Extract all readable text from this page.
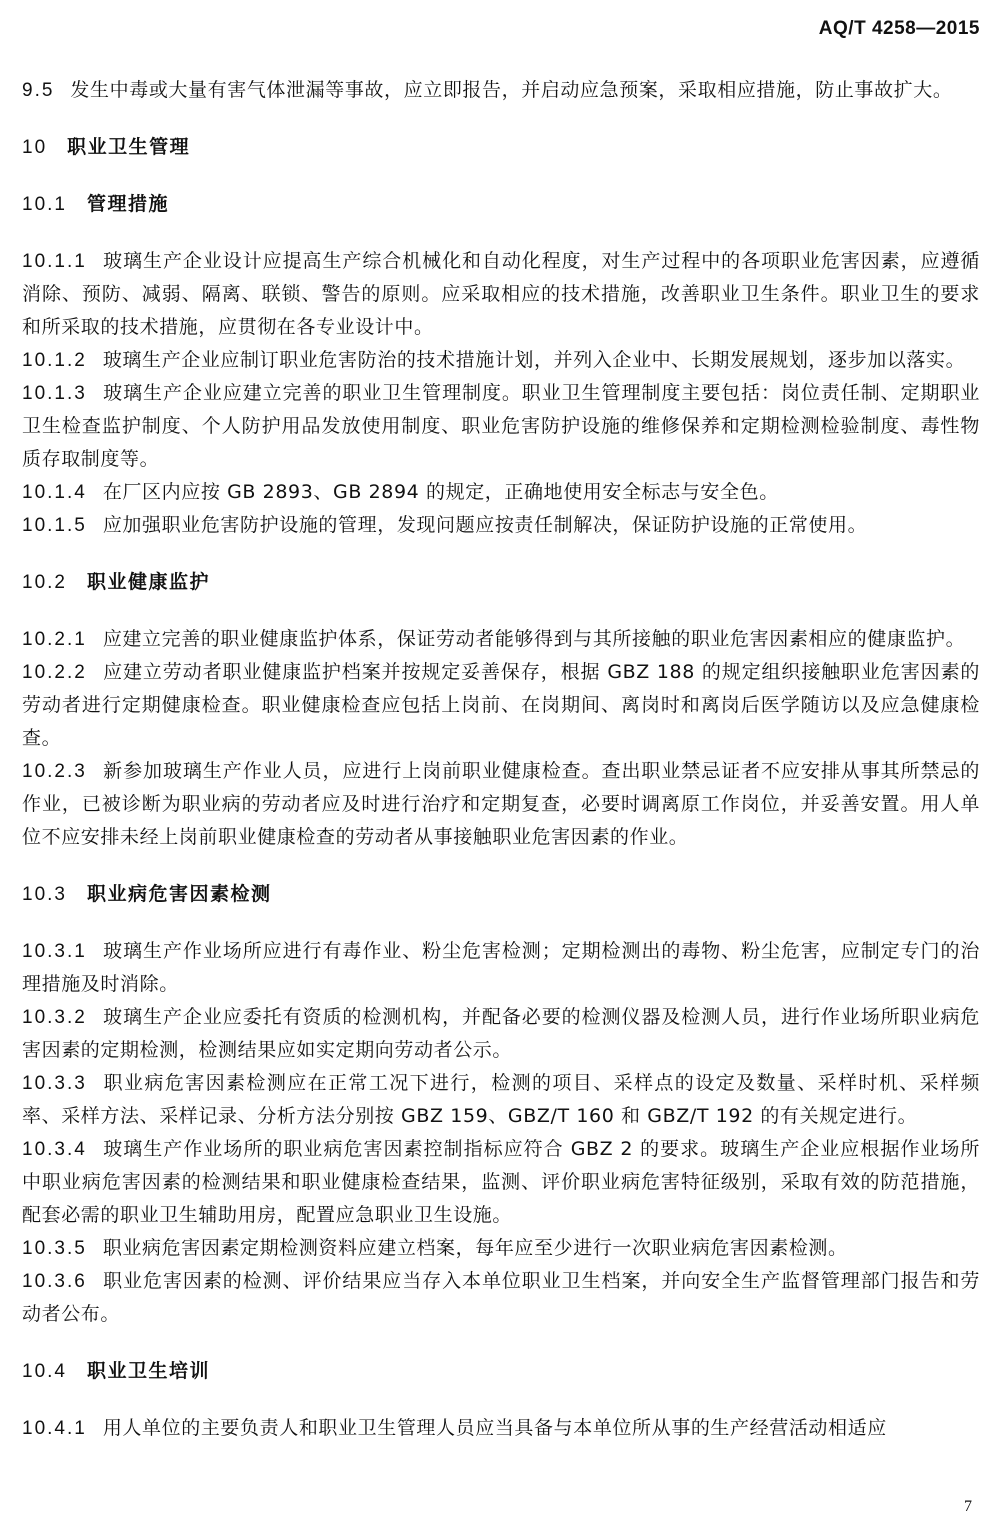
AQ/T 4258—2015

9.5 发生中毒或大量有害气体泄漏等事故，应立即报告，并启动应急预案，采取相应措施，防止事故扩大。

10 职业卫生管理

10.1 管理措施

10.1.1 玻璃生产企业设计应提高生产综合机械化和自动化程度，对生产过程中的各项职业危害因素，应遵循消除、预防、减弱、隔离、联锁、警告的原则。应采取相应的技术措施，改善职业卫生条件。职业卫生的要求和所采取的技术措施，应贯彻在各专业设计中。

10.1.2 玻璃生产企业应制订职业危害防治的技术措施计划，并列入企业中、长期发展规划，逐步加以落实。

10.1.3 玻璃生产企业应建立完善的职业卫生管理制度。职业卫生管理制度主要包括：岗位责任制、定期职业卫生检查监护制度、个人防护用品发放使用制度、职业危害防护设施的维修保养和定期检测检验制度、毒性物质存取制度等。

10.1.4 在厂区内应按 GB 2893、GB 2894 的规定，正确地使用安全标志与安全色。

10.1.5 应加强职业危害防护设施的管理，发现问题应按责任制解决，保证防护设施的正常使用。

10.2 职业健康监护

10.2.1 应建立完善的职业健康监护体系，保证劳动者能够得到与其所接触的职业危害因素相应的健康监护。

10.2.2 应建立劳动者职业健康监护档案并按规定妥善保存，根据 GBZ 188 的规定组织接触职业危害因素的劳动者进行定期健康检查。职业健康检查应包括上岗前、在岗期间、离岗时和离岗后医学随访以及应急健康检查。

10.2.3 新参加玻璃生产作业人员，应进行上岗前职业健康检查。查出职业禁忌证者不应安排从事其所禁忌的作业，已被诊断为职业病的劳动者应及时进行治疗和定期复查，必要时调离原工作岗位，并妥善安置。用人单位不应安排未经上岗前职业健康检查的劳动者从事接触职业危害因素的作业。

10.3 职业病危害因素检测

10.3.1 玻璃生产作业场所应进行有毒作业、粉尘危害检测；定期检测出的毒物、粉尘危害，应制定专门的治理措施及时消除。

10.3.2 玻璃生产企业应委托有资质的检测机构，并配备必要的检测仪器及检测人员，进行作业场所职业病危害因素的定期检测，检测结果应如实定期向劳动者公示。

10.3.3 职业病危害因素检测应在正常工况下进行，检测的项目、采样点的设定及数量、采样时机、采样频率、采样方法、采样记录、分析方法分别按 GBZ 159、GBZ/T 160 和 GBZ/T 192 的有关规定进行。

10.3.4 玻璃生产作业场所的职业病危害因素控制指标应符合 GBZ 2 的要求。玻璃生产企业应根据作业场所中职业病危害因素的检测结果和职业健康检查结果，监测、评价职业病危害特征级别，采取有效的防范措施，配套必需的职业卫生辅助用房，配置应急职业卫生设施。

10.3.5 职业病危害因素定期检测资料应建立档案，每年应至少进行一次职业病危害因素检测。

10.3.6 职业危害因素的检测、评价结果应当存入本单位职业卫生档案，并向安全生产监督管理部门报告和劳动者公布。

10.4 职业卫生培训

10.4.1 用人单位的主要负责人和职业卫生管理人员应当具备与本单位所从事的生产经营活动相适应

7
